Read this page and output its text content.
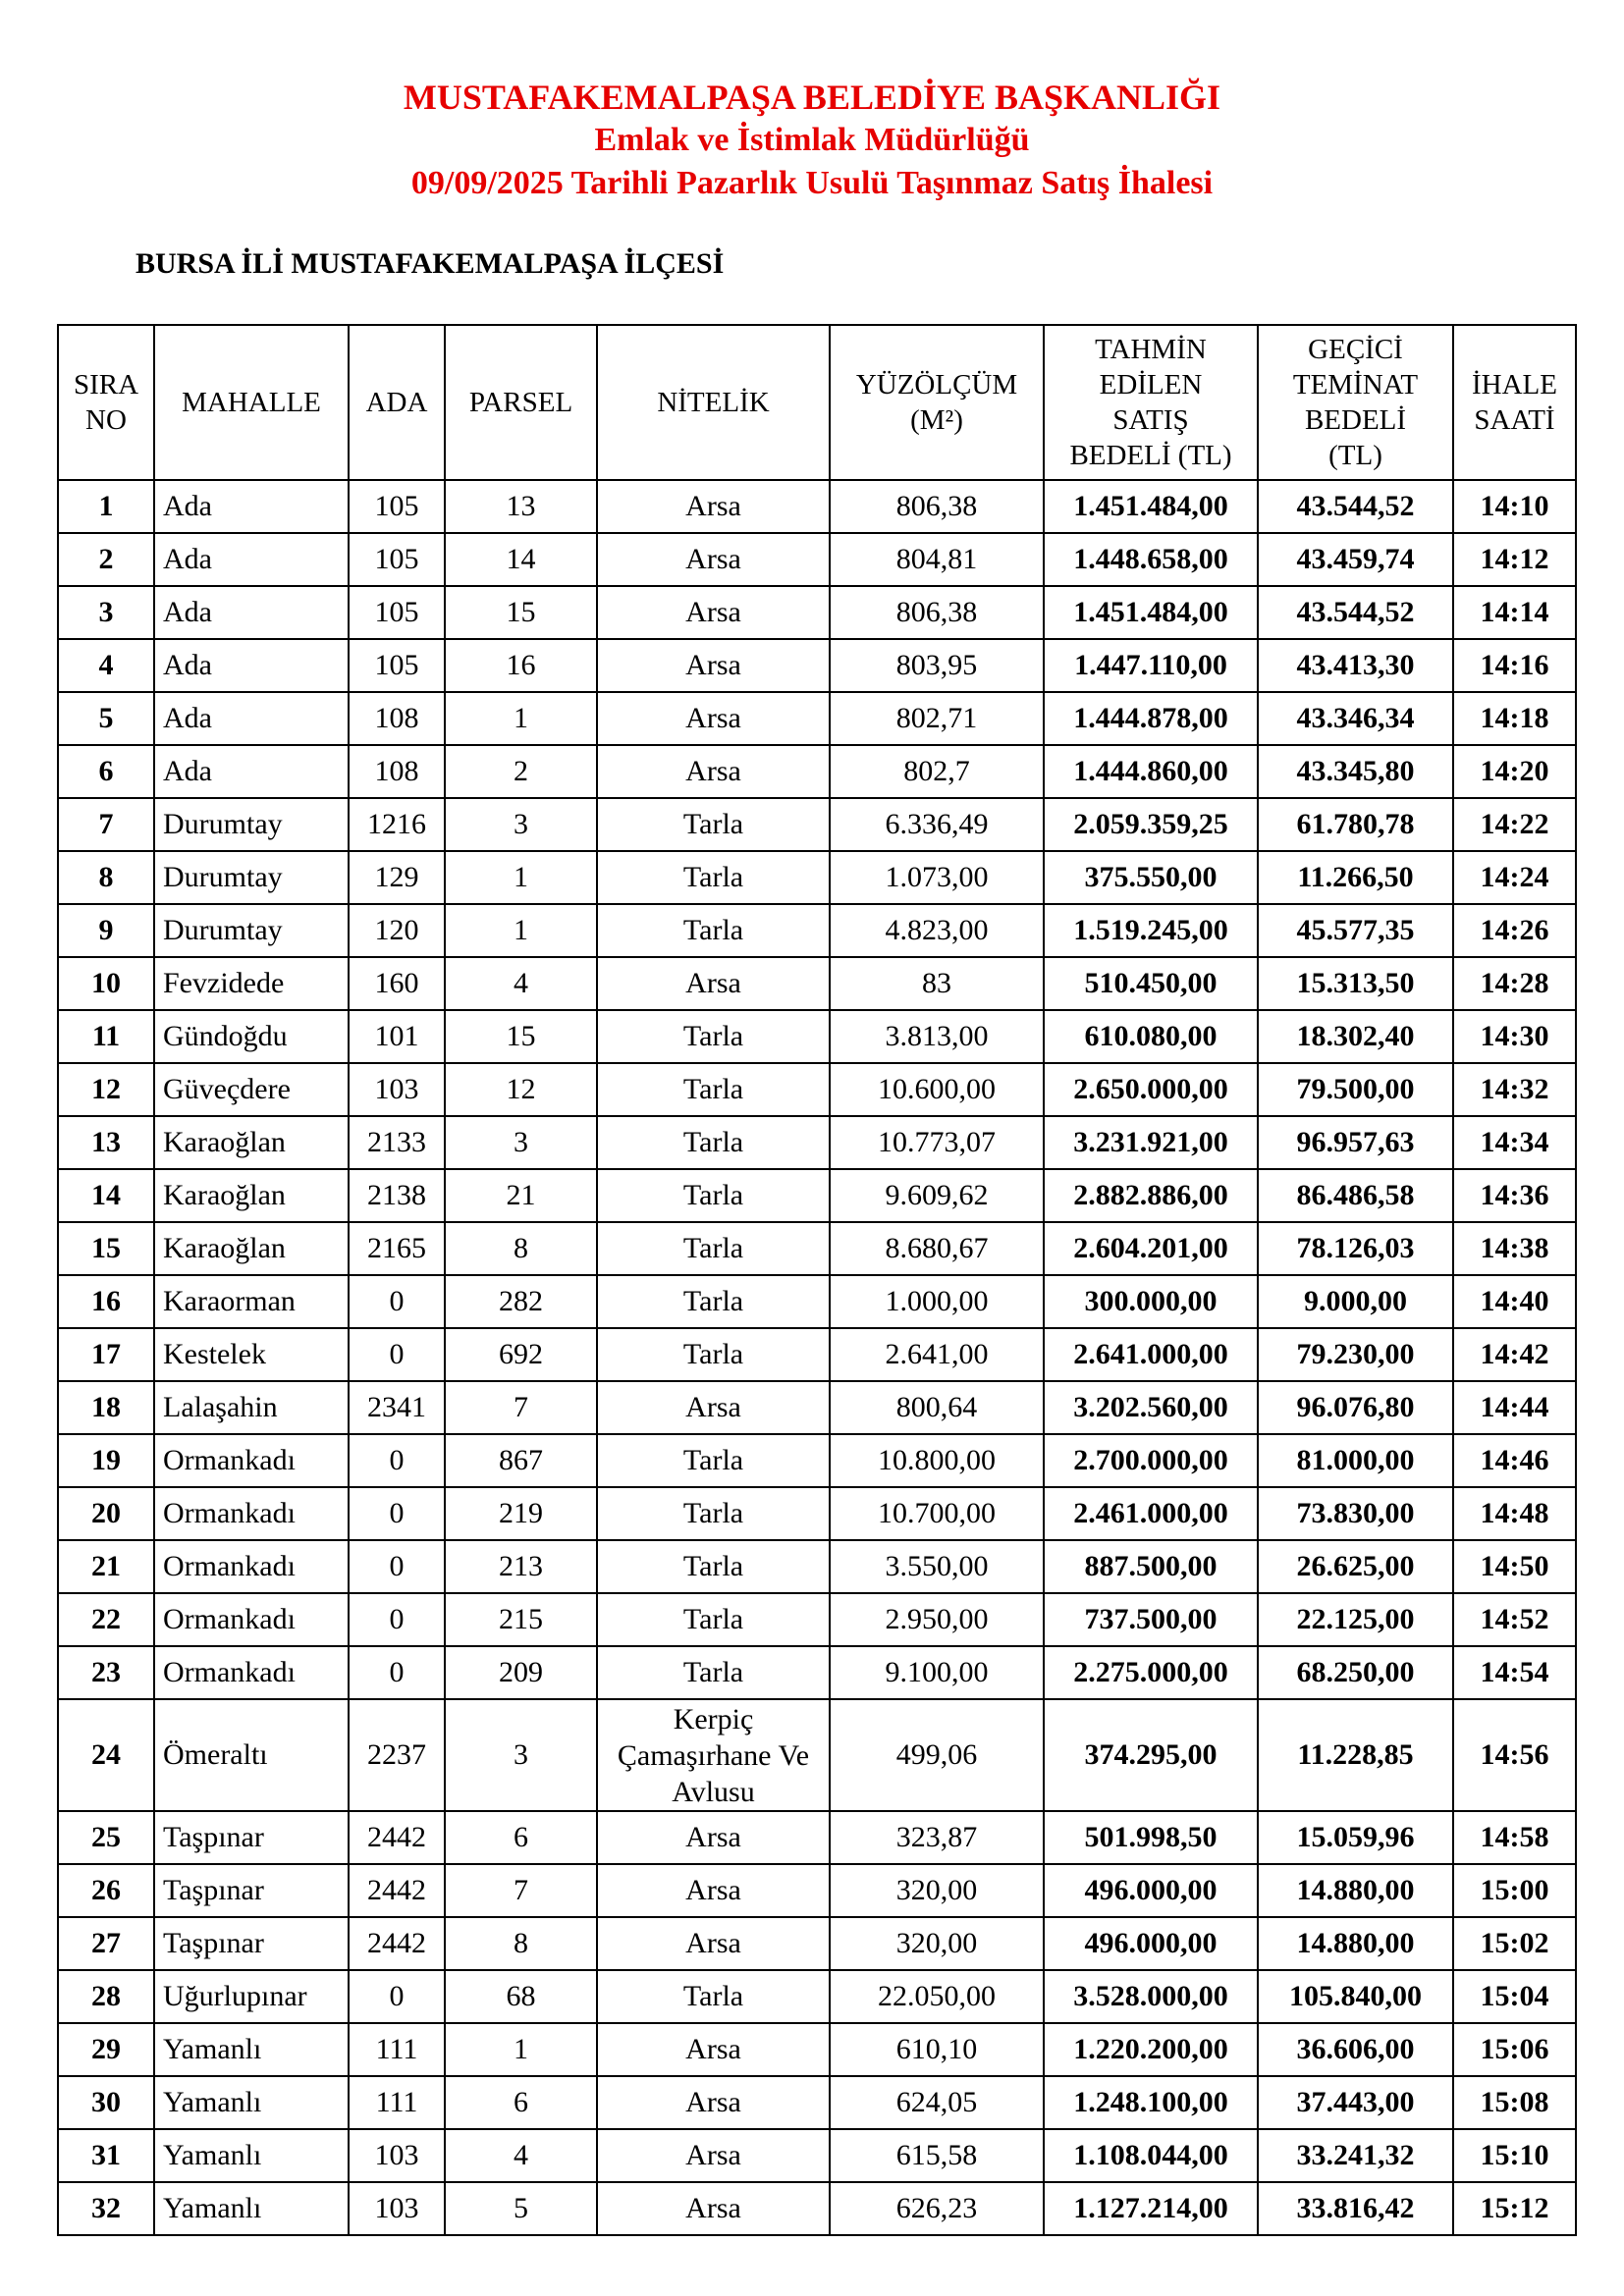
MUSTAFAKEMALPAŞA BELEDİYE BAŞKANLIĞI
Emlak ve İstimlak Müdürlüğü
09/09/2025 Tarihli Pazarlık Usulü Taşınmaz Satış İhalesi
BURSA İLİ MUSTAFAKEMALPAŞA İLÇESİ
SIRA
NO	MAHALLE	ADA	PARSEL	NİTELİK	YÜZÖLÇÜM
(M²)	TAHMİN
EDİLEN
SATIŞ
BEDELİ (TL)	GEÇİCİ
TEMİNAT
BEDELİ
(TL)	İHALE
SAATİ

1	Ada	105	13	Arsa	806,38	1.451.484,00	43.544,52	14:10
2	Ada	105	14	Arsa	804,81	1.448.658,00	43.459,74	14:12
3	Ada	105	15	Arsa	806,38	1.451.484,00	43.544,52	14:14
4	Ada	105	16	Arsa	803,95	1.447.110,00	43.413,30	14:16
5	Ada	108	1	Arsa	802,71	1.444.878,00	43.346,34	14:18
6	Ada	108	2	Arsa	802,7	1.444.860,00	43.345,80	14:20
7	Durumtay	1216	3	Tarla	6.336,49	2.059.359,25	61.780,78	14:22
8	Durumtay	129	1	Tarla	1.073,00	375.550,00	11.266,50	14:24
9	Durumtay	120	1	Tarla	4.823,00	1.519.245,00	45.577,35	14:26
10	Fevzidede	160	4	Arsa	83	510.450,00	15.313,50	14:28
11	Gündoğdu	101	15	Tarla	3.813,00	610.080,00	18.302,40	14:30
12	Güveçdere	103	12	Tarla	10.600,00	2.650.000,00	79.500,00	14:32
13	Karaoğlan	2133	3	Tarla	10.773,07	3.231.921,00	96.957,63	14:34
14	Karaoğlan	2138	21	Tarla	9.609,62	2.882.886,00	86.486,58	14:36
15	Karaoğlan	2165	8	Tarla	8.680,67	2.604.201,00	78.126,03	14:38
16	Karaorman	0	282	Tarla	1.000,00	300.000,00	9.000,00	14:40
17	Kestelek	0	692	Tarla	2.641,00	2.641.000,00	79.230,00	14:42
18	Lalaşahin	2341	7	Arsa	800,64	3.202.560,00	96.076,80	14:44
19	Ormankadı	0	867	Tarla	10.800,00	2.700.000,00	81.000,00	14:46
20	Ormankadı	0	219	Tarla	10.700,00	2.461.000,00	73.830,00	14:48
21	Ormankadı	0	213	Tarla	3.550,00	887.500,00	26.625,00	14:50
22	Ormankadı	0	215	Tarla	2.950,00	737.500,00	22.125,00	14:52
23	Ormankadı	0	209	Tarla	9.100,00	2.275.000,00	68.250,00	14:54
24	Ömeraltı	2237	3	Kerpiç Çamaşırhane Ve Avlusu	499,06	374.295,00	11.228,85	14:56
25	Taşpınar	2442	6	Arsa	323,87	501.998,50	15.059,96	14:58
26	Taşpınar	2442	7	Arsa	320,00	496.000,00	14.880,00	15:00
27	Taşpınar	2442	8	Arsa	320,00	496.000,00	14.880,00	15:02
28	Uğurlupınar	0	68	Tarla	22.050,00	3.528.000,00	105.840,00	15:04
29	Yamanlı	111	1	Arsa	610,10	1.220.200,00	36.606,00	15:06
30	Yamanlı	111	6	Arsa	624,05	1.248.100,00	37.443,00	15:08
31	Yamanlı	103	4	Arsa	615,58	1.108.044,00	33.241,32	15:10
32	Yamanlı	103	5	Arsa	626,23	1.127.214,00	33.816,42	15:12
